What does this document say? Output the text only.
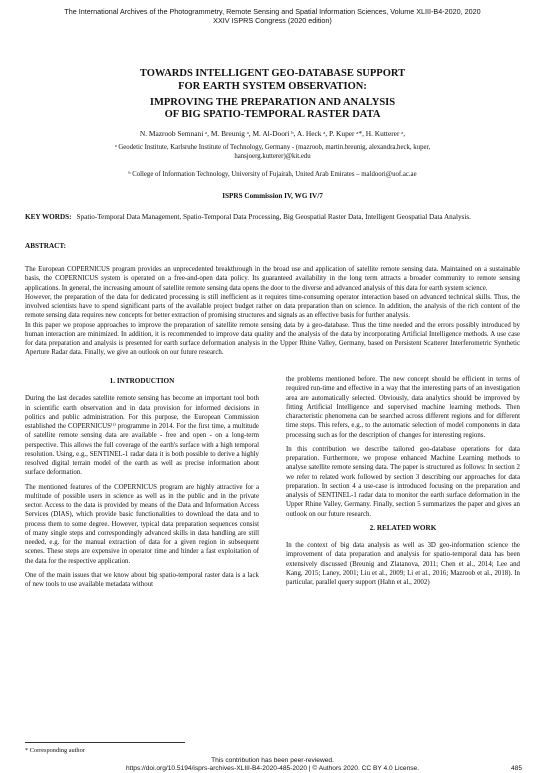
The International Archives of the Photogrammetry, Remote Sensing and Spatial Information Sciences, Volume XLIII-B4-2020, 2020
XXIV ISPRS Congress (2020 edition)
TOWARDS INTELLIGENT GEO-DATABASE SUPPORT
FOR EARTH SYSTEM OBSERVATION:
IMPROVING THE PREPARATION AND ANALYSIS
OF BIG SPATIO-TEMPORAL RASTER DATA
N. Mazroob Semnani ᵃ, M. Breunig ᵃ, M. Al-Doori ᵇ, A. Heck ᵃ, P. Kuper ᵃ*, H. Kutterer ᵃ,
ᵃ Geodetic Institute, Karlsruhe Institute of Technology, Germany - (mazroob, martin.breunig, alexandra.heck, kuper,
hansjoerg.kutterer)@kit.edu
ᵇ College of Information Technology, University of Fujairah, United Arab Emirates – maldoori@uof.ac.ae
ISPRS Commission IV, WG IV/7
KEY WORDS: Spatio-Temporal Data Management, Spatio-Temporal Data Processing, Big Geospatial Raster Data, Intelligent Geospatial Data Analysis.
ABSTRACT:

The European COPERNICUS program provides an unprecedented breakthrough in the broad use and application of satellite remote sensing data. Maintained on a sustainable basis, the COPERNICUS system is operated on a free-and-open data policy. Its guaranteed availability in the long term attracts a broader community to remote sensing applications. In general, the increasing amount of satellite remote sensing data opens the door to the diverse and advanced analysis of this data for earth system science.

However, the preparation of the data for dedicated processing is still inefficient as it requires time-consuming operator interaction based on advanced technical skills. Thus, the involved scientists have to spend significant parts of the available project budget rather on data preparation than on science. In addition, the analysis of the rich content of the remote sensing data requires new concepts for better extraction of promising structures and signals as an effective basis for further analysis.

In this paper we propose approaches to improve the preparation of satellite remote sensing data by a geo-database. Thus the time needed and the errors possibly introduced by human interaction are minimized. In addition, it is recommended to improve data quality and the analysis of the data by incorporating Artificial Intelligence methods. A use case for data preparation and analysis is presented for earth surface deformation analysis in the Upper Rhine Valley, Germany, based on Persistent Scatterer Interferometric Synthetic Aperture Radar data. Finally, we give an outlook on our future research.

1. INTRODUCTION

During the last decades satellite remote sensing has become an important tool both in scientific earth observation and in data provision for informed decisions in politics and public administration. For this purpose, the European Commission established the COPERNICUS⁽ᶠ⁾ programme in 2014. For the first time, a multitude of satellite remote sensing data are available - free and open - on a long-term perspective. This allows the full coverage of the earth's surface with a high temporal resolution. Using, e.g., SENTINEL-1 radar data it is both possible to derive a highly resolved digital terrain model of the earth as well as precise information about surface deformation.

The mentioned features of the COPERNICUS program are highly attractive for a multitude of possible users in science as well as in the public and in the private sector. Access to the data is provided by means of the Data and Information Access Services (DIAS), which provide basic functionalities to download the data and to process them to some degree. However, typical data preparation sequences consist of many single steps and correspondingly advanced skills in data handling are still needed, e.g. for the manual extraction of data for a given region in subsequent scenes. These steps are expensive in operator time and hinder a fast exploitation of the data for the respective application.

One of the main issues that we know about big spatio-temporal raster data is a lack of new tools to use available metadata without

the problems mentioned before. The new concept should be efficient in terms of required run-time and effective in a way that the interesting parts of an investigation area are automatically selected. Obviously, data analytics should be improved by fitting Artificial Intelligence and supervised machine learning methods. Then characteristic phenomena can be searched across different regions and for different time steps. This refers, e.g., to the automatic selection of model components in data processing such as for the description of changes for interesting regions.

In this contribution we describe tailored geo-database operations for data preparation. Furthermore, we propose enhanced Machine Learning methods to analyse satellite remote sensing data. The paper is structured as follows: In section 2 we refer to related work followed by section 3 describing our approaches for data preparation. In section 4 a use-case is introduced focusing on the preparation and analysis of SENTINEL-1 radar data to monitor the earth surface deformation in the Upper Rhine Valley, Germany. Finally, section 5 summarizes the paper and gives an outlook on our future research.

2. RELATED WORK

In the context of big data analysis as well as 3D geo-information science the improvement of data preparation and analysis for spatio-temporal data has been extensively discussed (Breunig and Zlatanova, 2011; Chen et al., 2014; Lee and Kang, 2015; Laney, 2001; Liu et al., 2009; Li et al., 2016; Mazroob et al., 2018). In particular, parallel query support (Hahn et al., 2002)

* Corresponding author
This contribution has been peer-reviewed.
https://doi.org/10.5194/isprs-archives-XLIII-B4-2020-485-2020 | © Authors 2020. CC BY 4.0 License.	485
